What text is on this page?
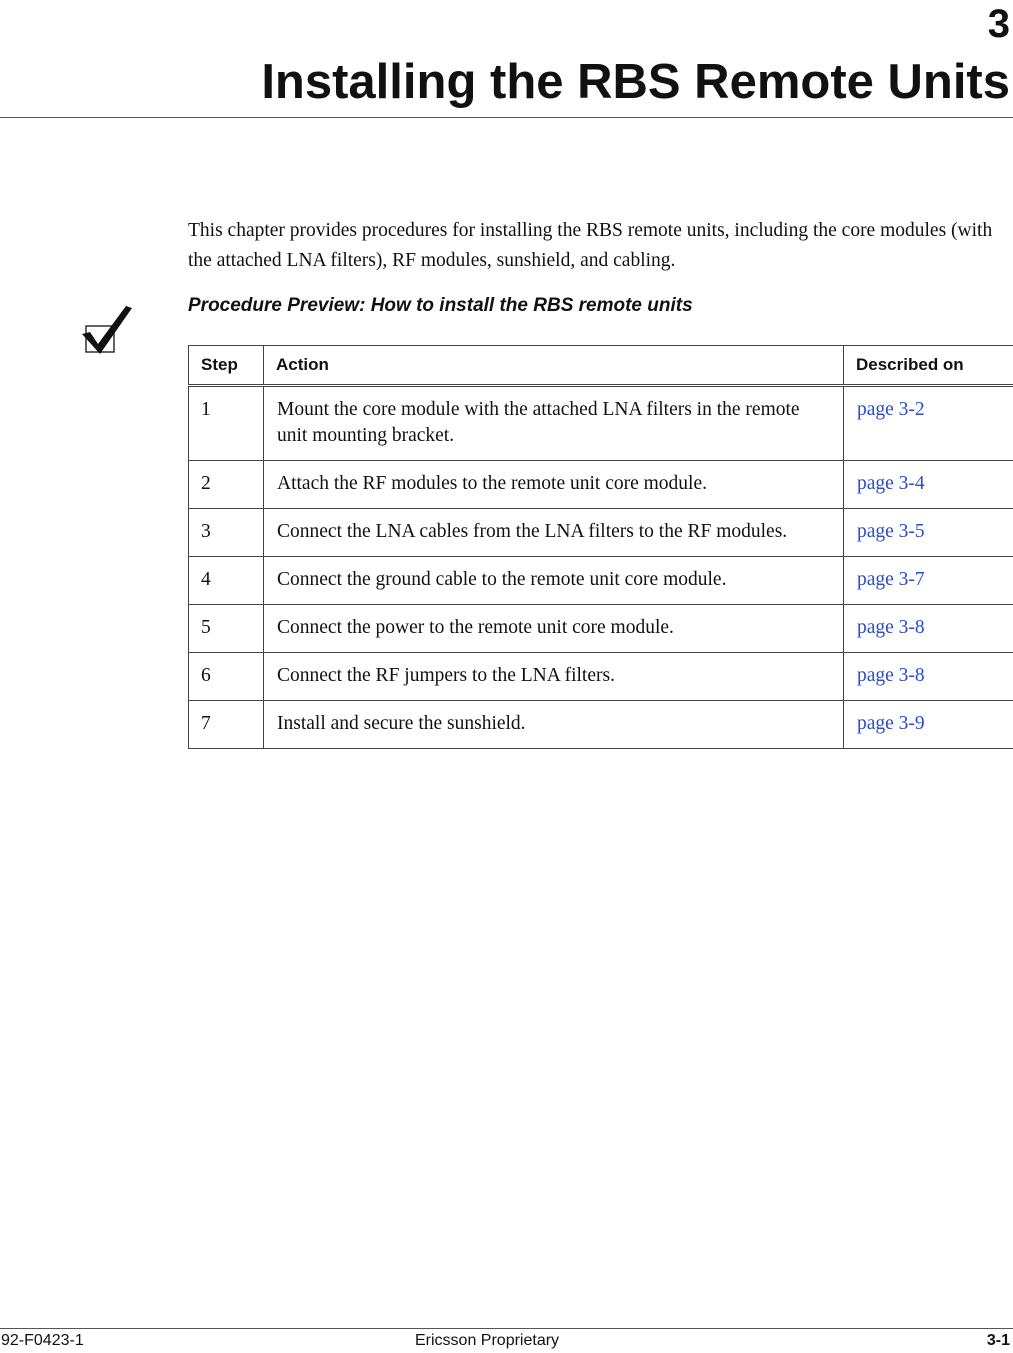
3
Installing the RBS Remote Units

This chapter provides procedures for installing the RBS remote units, including the core modules (with the attached LNA filters), RF modules, sunshield, and cabling.

Procedure Preview: How to install the RBS remote units
Step	Action	Described on
1	Mount the core module with the attached LNA filters in the remote unit mounting bracket.	page 3-2
2	Attach the RF modules to the remote unit core module.	page 3-4
3	Connect the LNA cables from the LNA filters to the RF modules.	page 3-5
4	Connect the ground cable to the remote unit core module.	page 3-7
5	Connect the power to the remote unit core module.	page 3-8
6	Connect the RF jumpers to the LNA filters.	page 3-8
7	Install and secure the sunshield.	page 3-9
92-F0423-1	Ericsson Proprietary	3-1
